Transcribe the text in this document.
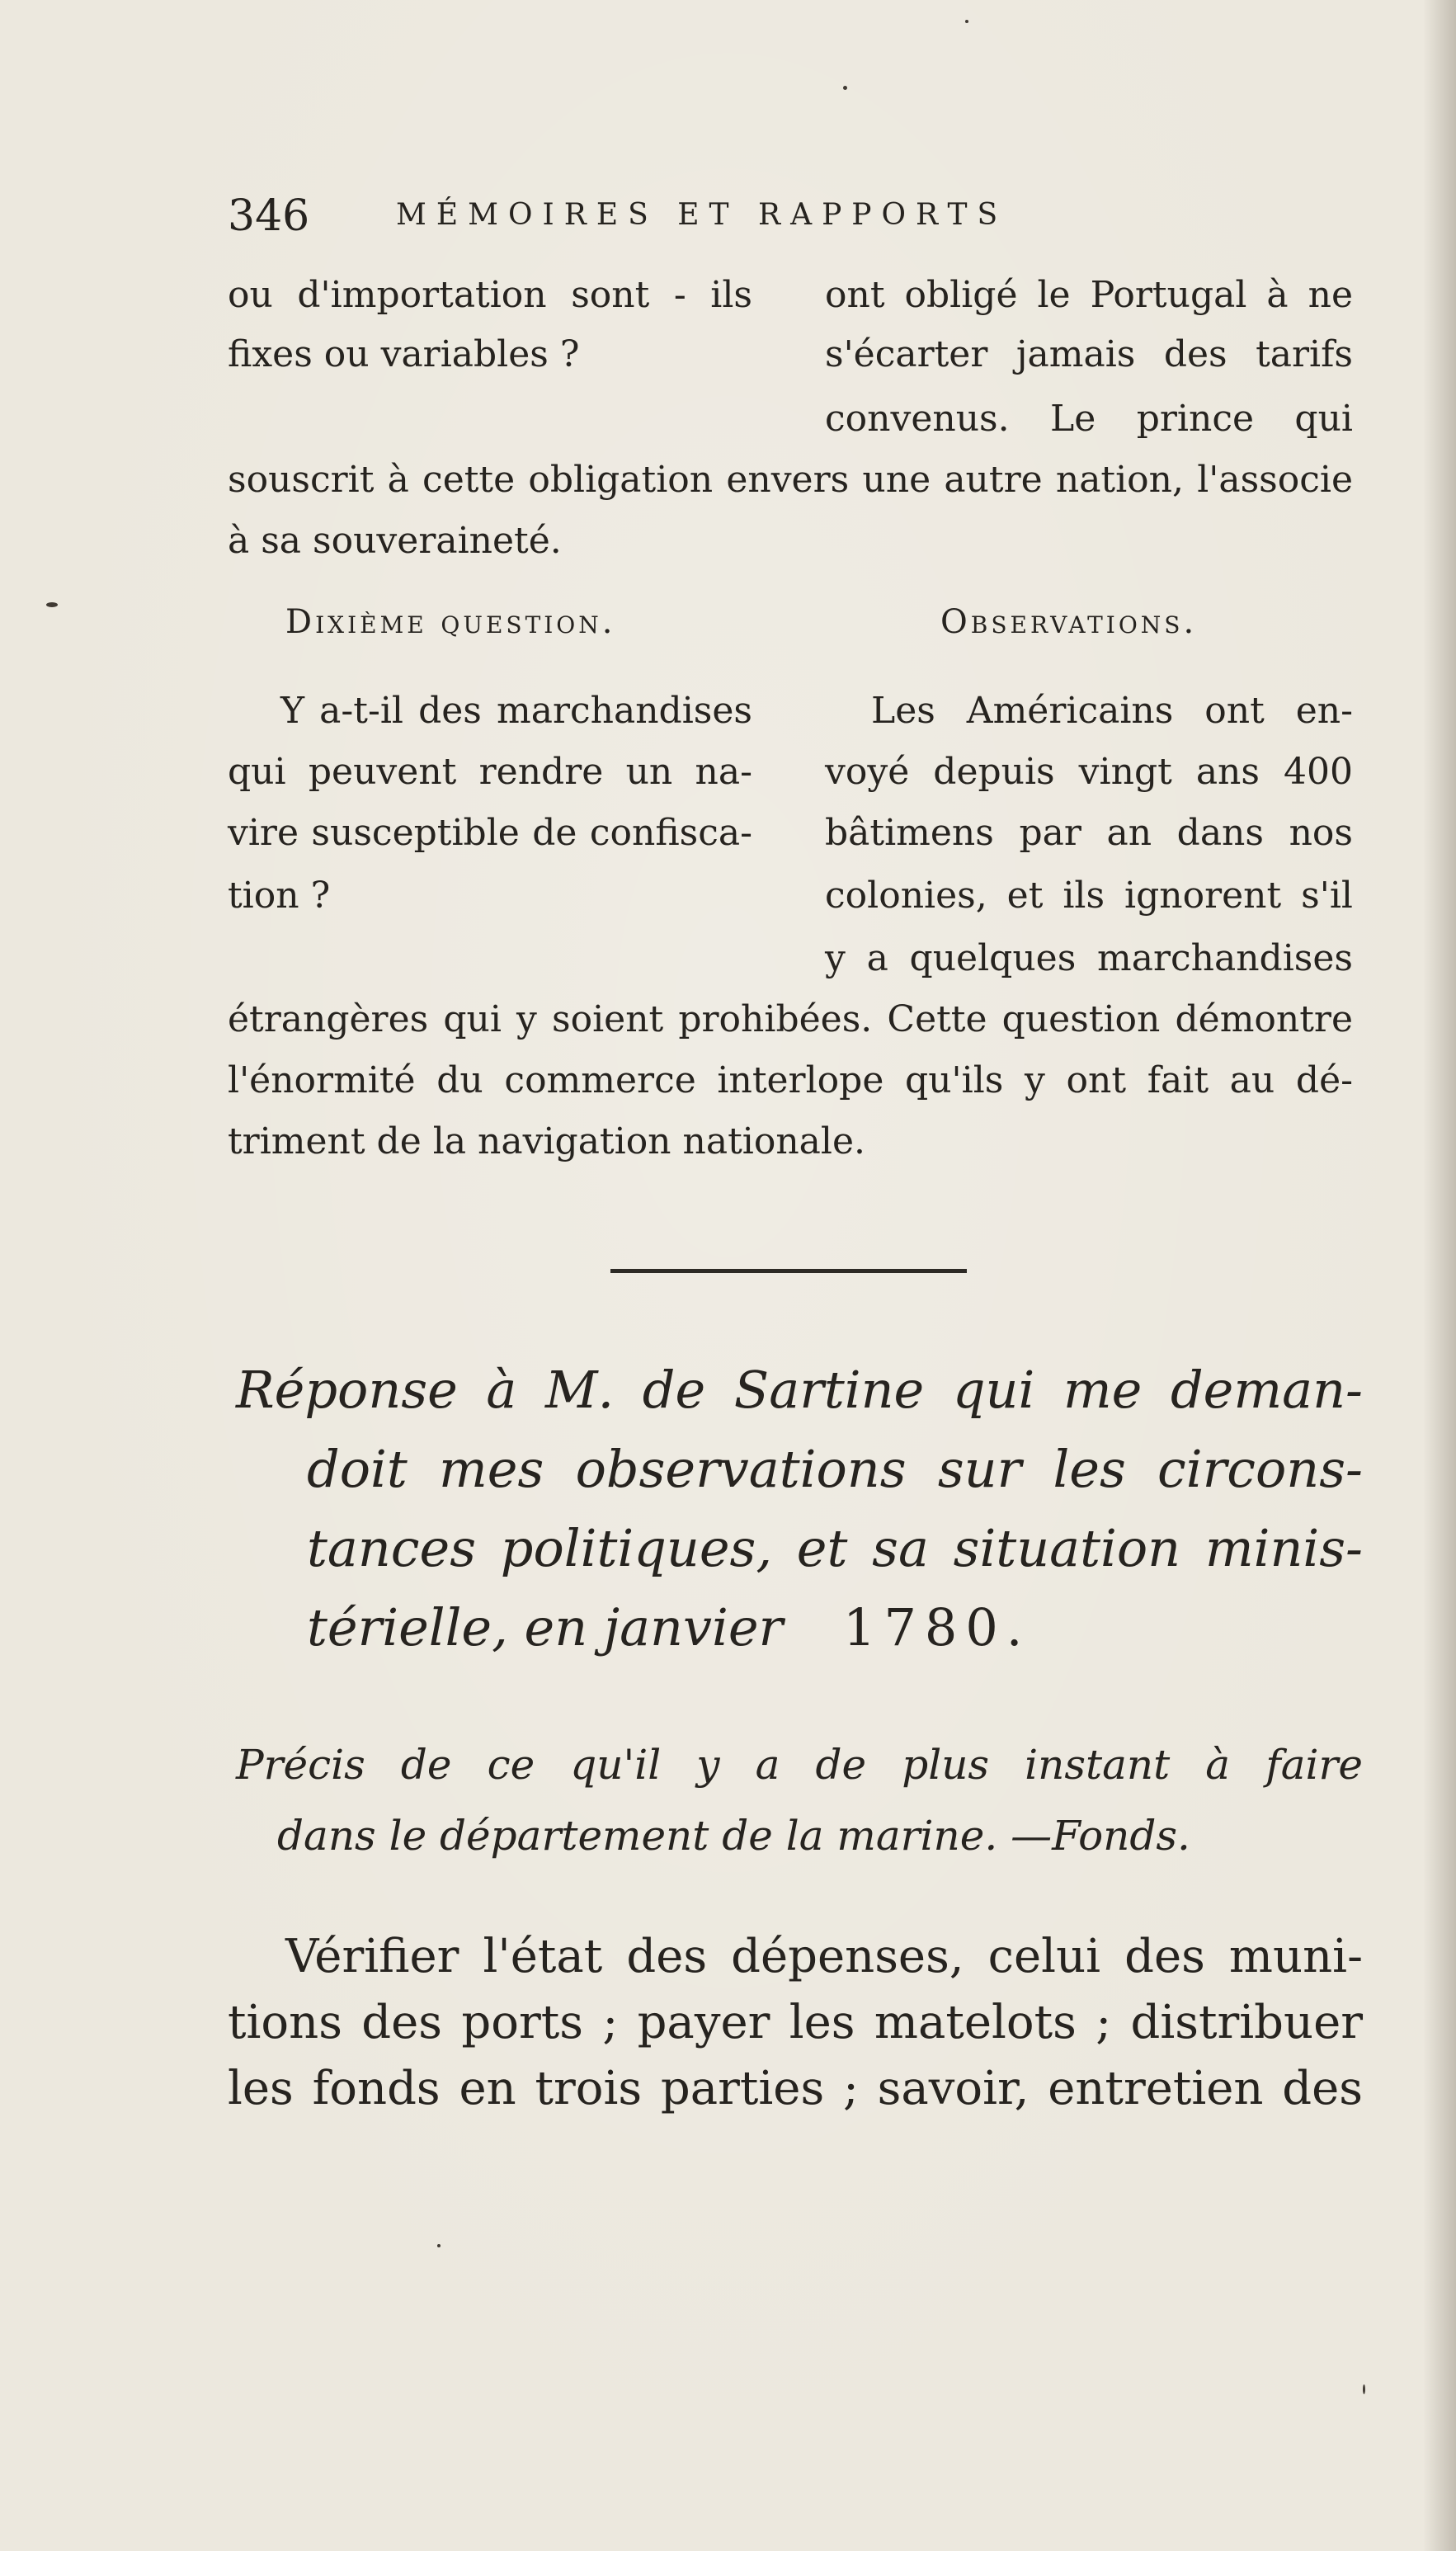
346	MÉMOIRES ET RAPPORTS
ou d'importation sont - ils
fixes ou variables ?
ont obligé le Portugal à ne
s'écarter jamais des tarifs
convenus. Le prince qui
souscrit à cette obligation envers une autre nation, l'associe
à sa souveraineté.
Dixième question.	Observations.
Y a-t-il des marchandises
qui peuvent rendre un na-
vire susceptible de confisca-
tion ?
Les Américains ont en-
voyé depuis vingt ans 400
bâtimens par an dans nos
colonies, et ils ignorent s'il
y a quelques marchandises
étrangères qui y soient prohibées. Cette question démontre
l'énormité du commerce interlope qu'ils y ont fait au dé-
triment de la navigation nationale.
Réponse à M. de Sartine qui me deman-
doit mes observations sur les circons-
tances politiques, et sa situation minis-
térielle, en janvier 1780.
Précis de ce qu'il y a de plus instant à faire
dans le département de la marine. —Fonds.
Vérifier l'état des dépenses, celui des muni-
tions des ports ; payer les matelots ; distribuer
les fonds en trois parties ; savoir, entretien des
